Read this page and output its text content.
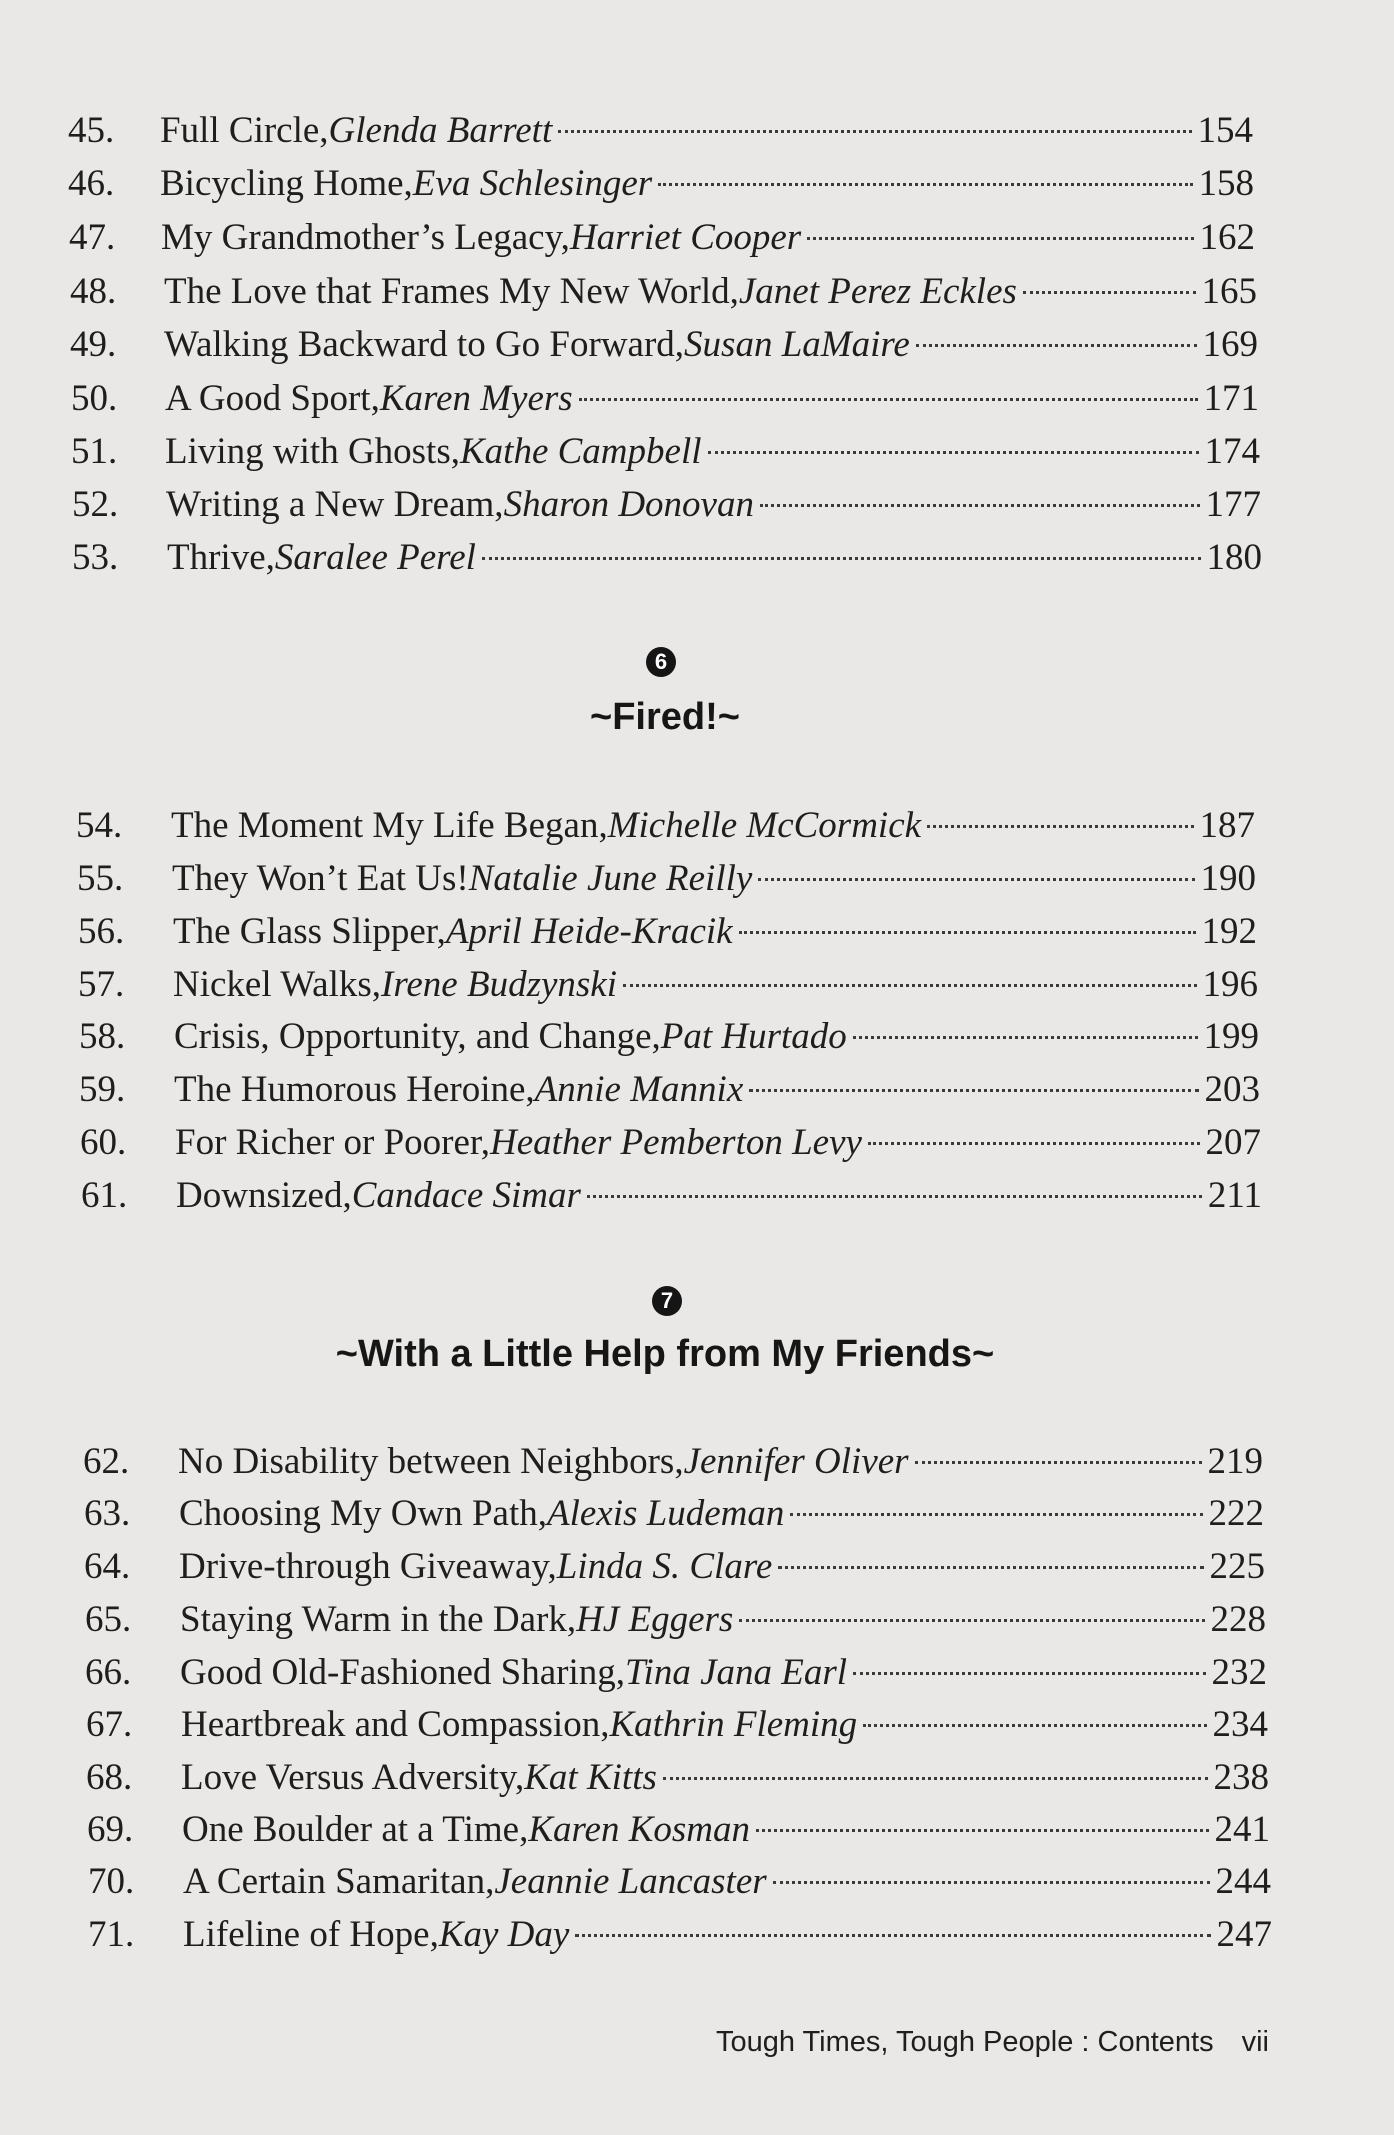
45.	Full Circle, Glenda Barrett	154
46.	Bicycling Home, Eva Schlesinger	158
47.	My Grandmother’s Legacy, Harriet Cooper	162
48.	The Love that Frames My New World, Janet Perez Eckles	165
49.	Walking Backward to Go Forward, Susan LaMaire	169
50.	A Good Sport, Karen Myers	171
51.	Living with Ghosts, Kathe Campbell	174
52.	Writing a New Dream, Sharon Donovan	177
53.	Thrive, Saralee Perel	180
6
~Fired!~
54.	The Moment My Life Began, Michelle McCormick	187
55.	They Won’t Eat Us! Natalie June Reilly	190
56.	The Glass Slipper, April Heide-Kracik	192
57.	Nickel Walks, Irene Budzynski	196
58.	Crisis, Opportunity, and Change, Pat Hurtado	199
59.	The Humorous Heroine, Annie Mannix	203
60.	For Richer or Poorer, Heather Pemberton Levy	207
61.	Downsized, Candace Simar	211
7
~With a Little Help from My Friends~
62.	No Disability between Neighbors, Jennifer Oliver	219
63.	Choosing My Own Path, Alexis Ludeman	222
64.	Drive-through Giveaway, Linda S. Clare	225
65.	Staying Warm in the Dark, HJ Eggers	228
66.	Good Old-Fashioned Sharing, Tina Jana Earl	232
67.	Heartbreak and Compassion, Kathrin Fleming	234
68.	Love Versus Adversity, Kat Kitts	238
69.	One Boulder at a Time, Karen Kosman	241
70.	A Certain Samaritan, Jeannie Lancaster	244
71.	Lifeline of Hope, Kay Day	247
Tough Times, Tough People : Contents vii
